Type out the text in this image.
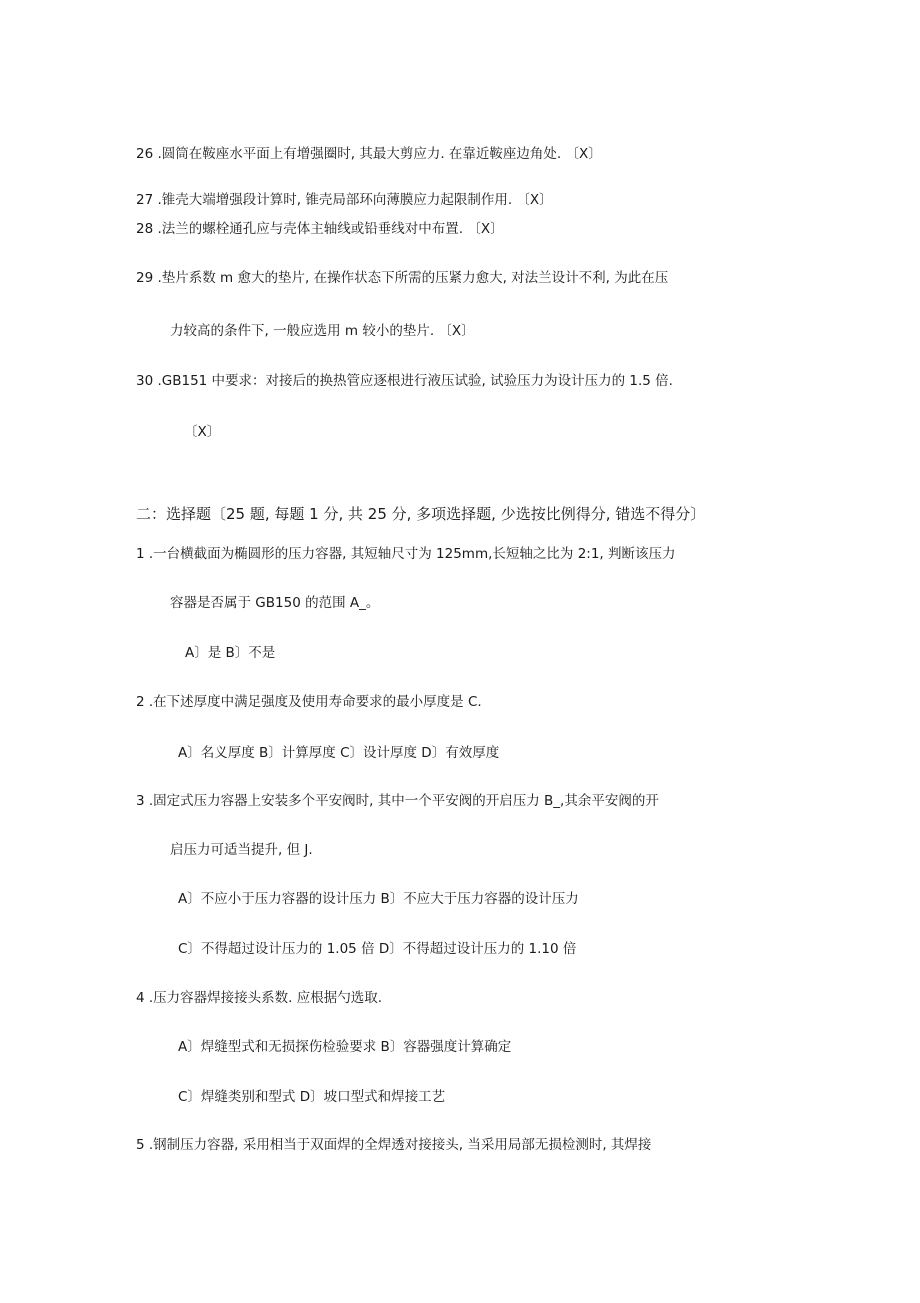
26 .圆筒在鞍座水平面上有增强圈时, 其最大剪应力. 在靠近鞍座边角处. 〔X〕
27 .锥壳大端增强段计算时, 锥壳局部环向薄膜应力起限制作用. 〔X〕
28 .法兰的螺栓通孔应与壳体主轴线或铅垂线对中布置. 〔X〕
29 .垫片系数 m 愈大的垫片, 在操作状态下所需的压紧力愈大, 对法兰设计不利, 为此在压
力较高的条件下, 一般应选用 m 较小的垫片. 〔X〕
30 .GB151 中要求：对接后的换热管应逐根进行液压试验, 试验压力为设计压力的 1.5 倍.
〔X〕
二：选择题〔25 题, 每题 1 分, 共 25 分, 多项选择题, 少选按比例得分, 错选不得分〕
1 .一台横截面为椭圆形的压力容器, 其短轴尺寸为 125mm,长短轴之比为 2:1, 判断该压力
容器是否属于 GB150 的范围 A_。
A〕是 B〕不是
2 .在下述厚度中满足强度及使用寿命要求的最小厚度是 C.
A〕名义厚度 B〕计算厚度 C〕设计厚度 D〕有效厚度
3 .固定式压力容器上安装多个平安阀时, 其中一个平安阀的开启压力 B_,其余平安阀的开
启压力可适当提升, 但 J.
A〕不应小于压力容器的设计压力 B〕不应大于压力容器的设计压力
C〕不得超过设计压力的 1.05 倍 D〕不得超过设计压力的 1.10 倍
4 .压力容器焊接接头系数. 应根据勺选取.
A〕焊缝型式和无损探伤检验要求 B〕容器强度计算确定
C〕焊缝类别和型式 D〕坡口型式和焊接工艺
5 .钢制压力容器, 采用相当于双面焊的全焊透对接接头, 当采用局部无损检测时, 其焊接
